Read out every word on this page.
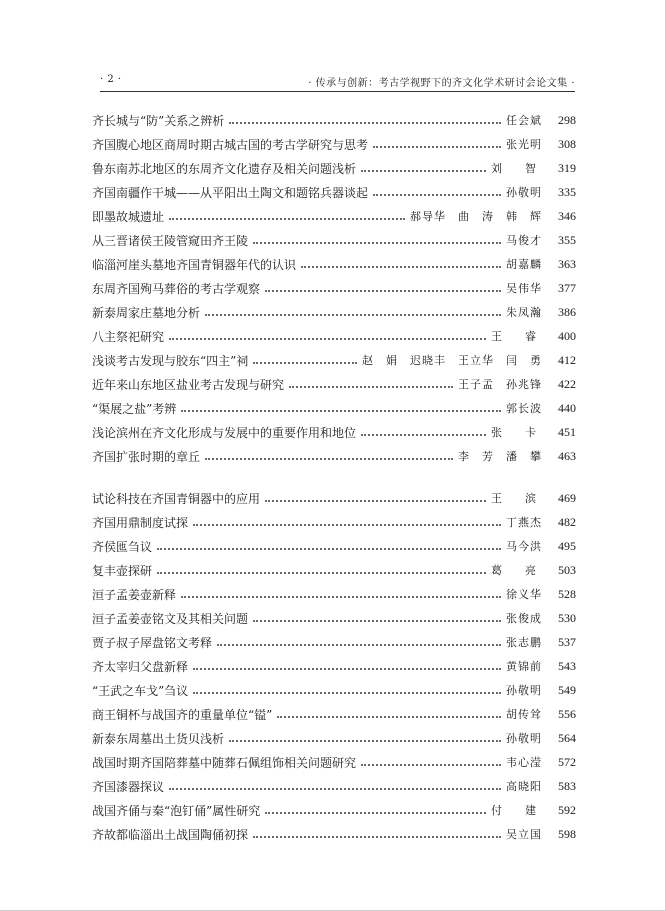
· 2 ·	· 传承与创新：考古学视野下的齐文化学术研讨会论文集 ·
齐长城与“防”关系之辨析	任会斌	298
齐国腹心地区商周时期古城古国的考古学研究与思考	张光明	308
鲁东南苏北地区的东周齐文化遗存及相关问题浅析	刘　智	319
齐国南疆作干城——从平阳出土陶文和题铭兵器谈起	孙敬明	335
即墨故城遗址	郝导华　曲　涛　韩　辉	346
从三晋诸侯王陵管窥田齐王陵	马俊才	355
临淄河崖头墓地齐国青铜器年代的认识	胡嘉麟	363
东周齐国殉马葬俗的考古学观察	吴伟华	377
新泰周家庄墓地分析	朱凤瀚	386
八主祭祀研究	王　睿	400
浅谈考古发现与胶东“四主”祠	赵　娟　迟晓丰　王立华　闫　勇	412
近年来山东地区盐业考古发现与研究	王子孟　孙兆锋	422
“渠展之盐”考辨	郭长波	440
浅论滨州在齐文化形成与发展中的重要作用和地位	张　卡	451
齐国扩张时期的章丘	李　芳　潘　攀	463
试论科技在齐国青铜器中的应用	王　滨	469
齐国用鼎制度试探	丁燕杰	482
齐侯匜刍议	马今洪	495
复丰壶探研	葛　亮	503
洹子孟姜壶新释	徐义华	528
洹子孟姜壶铭文及其相关问题	张俊成	530
贾子叔子屖盘铭文考释	张志鹏	537
齐太宰归父盘新释	黄锦前	543
“王武之车戈”刍议	孙敬明	549
商王铜杯与战国齐的重量单位“镒”	胡传耸	556
新泰东周墓出土货贝浅析	孙敬明	564
战国时期齐国陪葬墓中随葬石佩组饰相关问题研究	韦心滢	572
齐国漆器探议	高晓阳	583
战国齐俑与秦“泡钉俑”属性研究	付　建	592
齐故都临淄出土战国陶俑初探	吴立国	598
